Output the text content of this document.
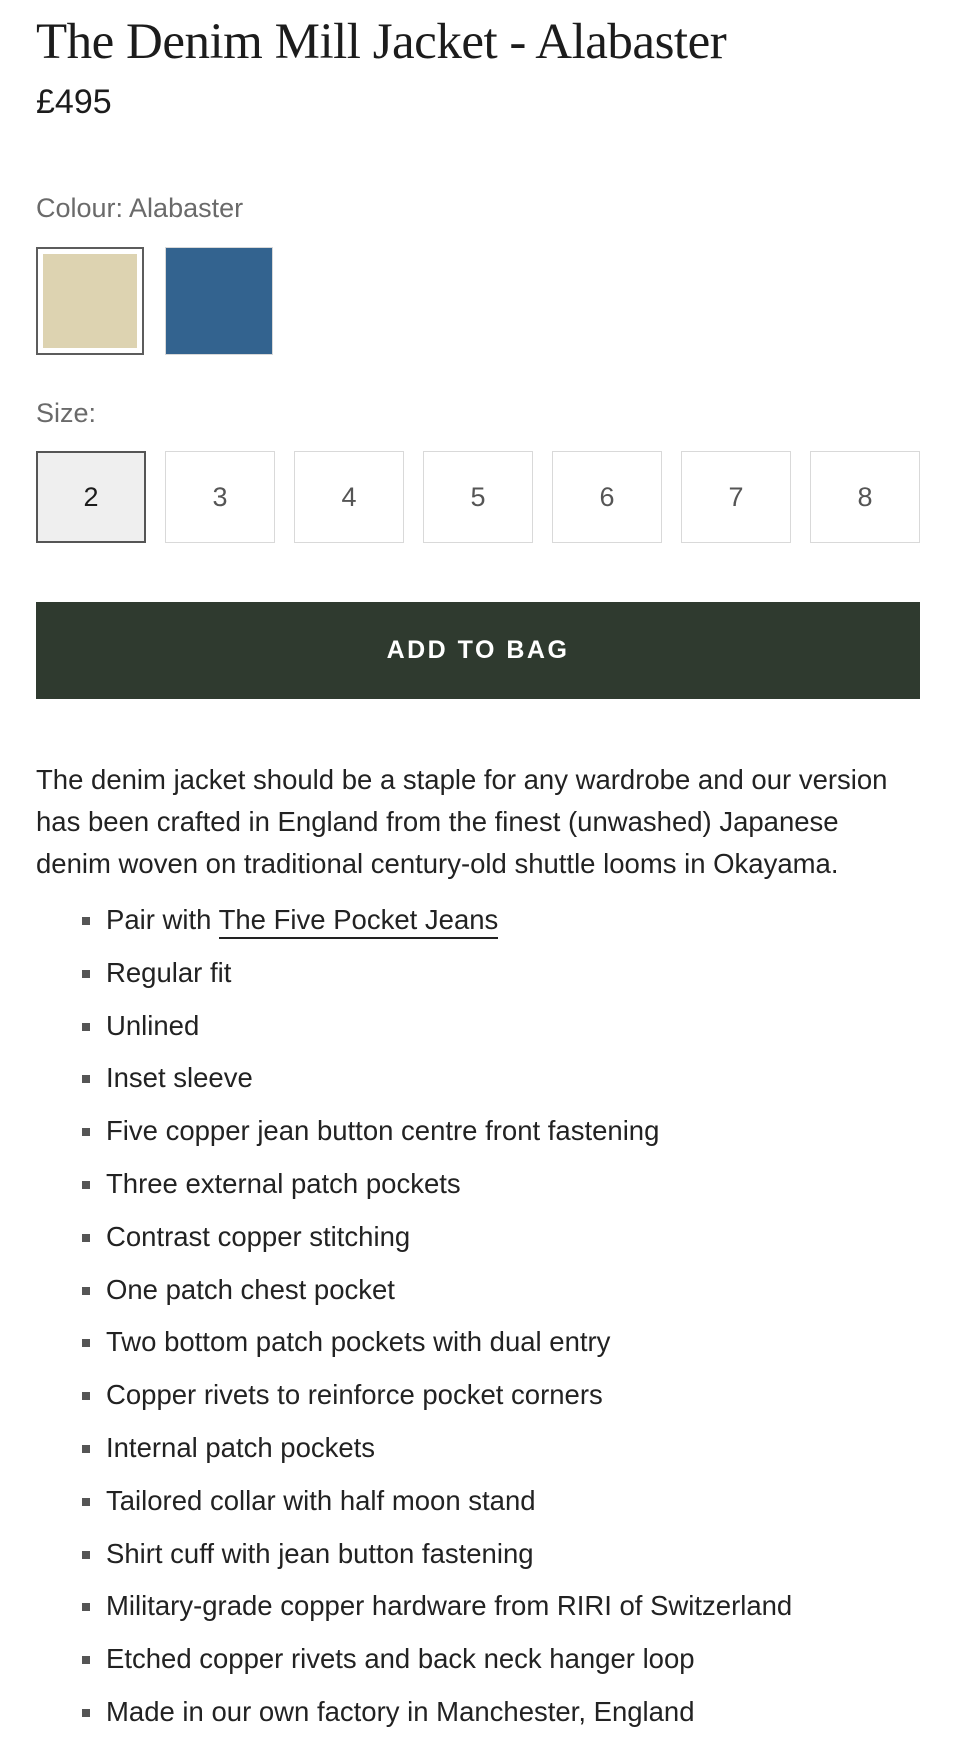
The Denim Mill Jacket - Alabaster
£495
Colour: Alabaster
Size:
2	3	4	5	6	7	8
ADD TO BAG

The denim jacket should be a staple for any wardrobe and our version has been crafted in England from the finest (unwashed) Japanese denim woven on traditional century-old shuttle looms in Okayama.

Pair with The Five Pocket Jeans
Regular fit
Unlined
Inset sleeve
Five copper jean button centre front fastening
Three external patch pockets
Contrast copper stitching
One patch chest pocket
Two bottom patch pockets with dual entry
Copper rivets to reinforce pocket corners
Internal patch pockets
Tailored collar with half moon stand
Shirt cuff with jean button fastening
Military-grade copper hardware from RIRI of Switzerland
Etched copper rivets and back neck hanger loop
Made in our own factory in Manchester, England
